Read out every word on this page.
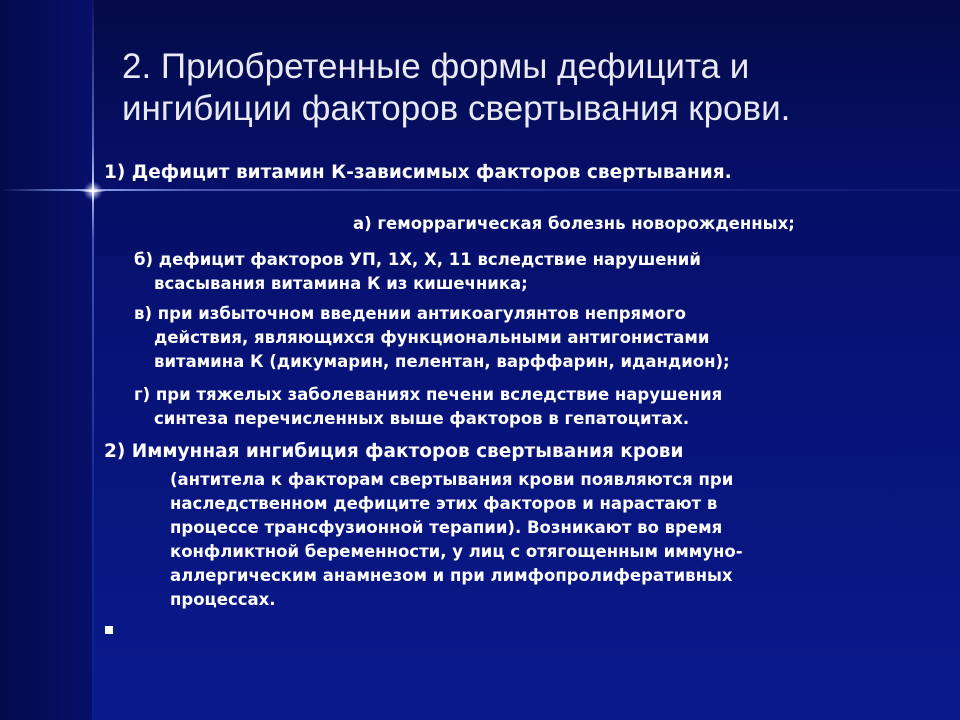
2. Приобретенные формы дефицита и
ингибиции факторов свертывания крови.
1) Дефицит витамин К-зависимых факторов свертывания.
а) геморрагическая болезнь новорожденных;
б) дефицит факторов УП, 1Х, Х, 11 вследствие нарушений
всасывания витамина К из кишечника;
в) при избыточном введении антикоагулянтов непрямого
действия, являющихся функциональными антигонистами
витамина К (дикумарин, пелентан, варффарин, идандион);
г) при тяжелых заболеваниях печени вследствие нарушения
синтеза перечисленных выше факторов в гепатоцитах.
2) Иммунная ингибиция факторов свертывания крови
(антитела к факторам свертывания крови появляются при
наследственном дефиците этих факторов и нарастают в
процессе трансфузионной терапии). Возникают во время
конфликтной беременности, у лиц с отягощенным иммуно-
аллергическим анамнезом и при лимфопролиферативных
процессах.
